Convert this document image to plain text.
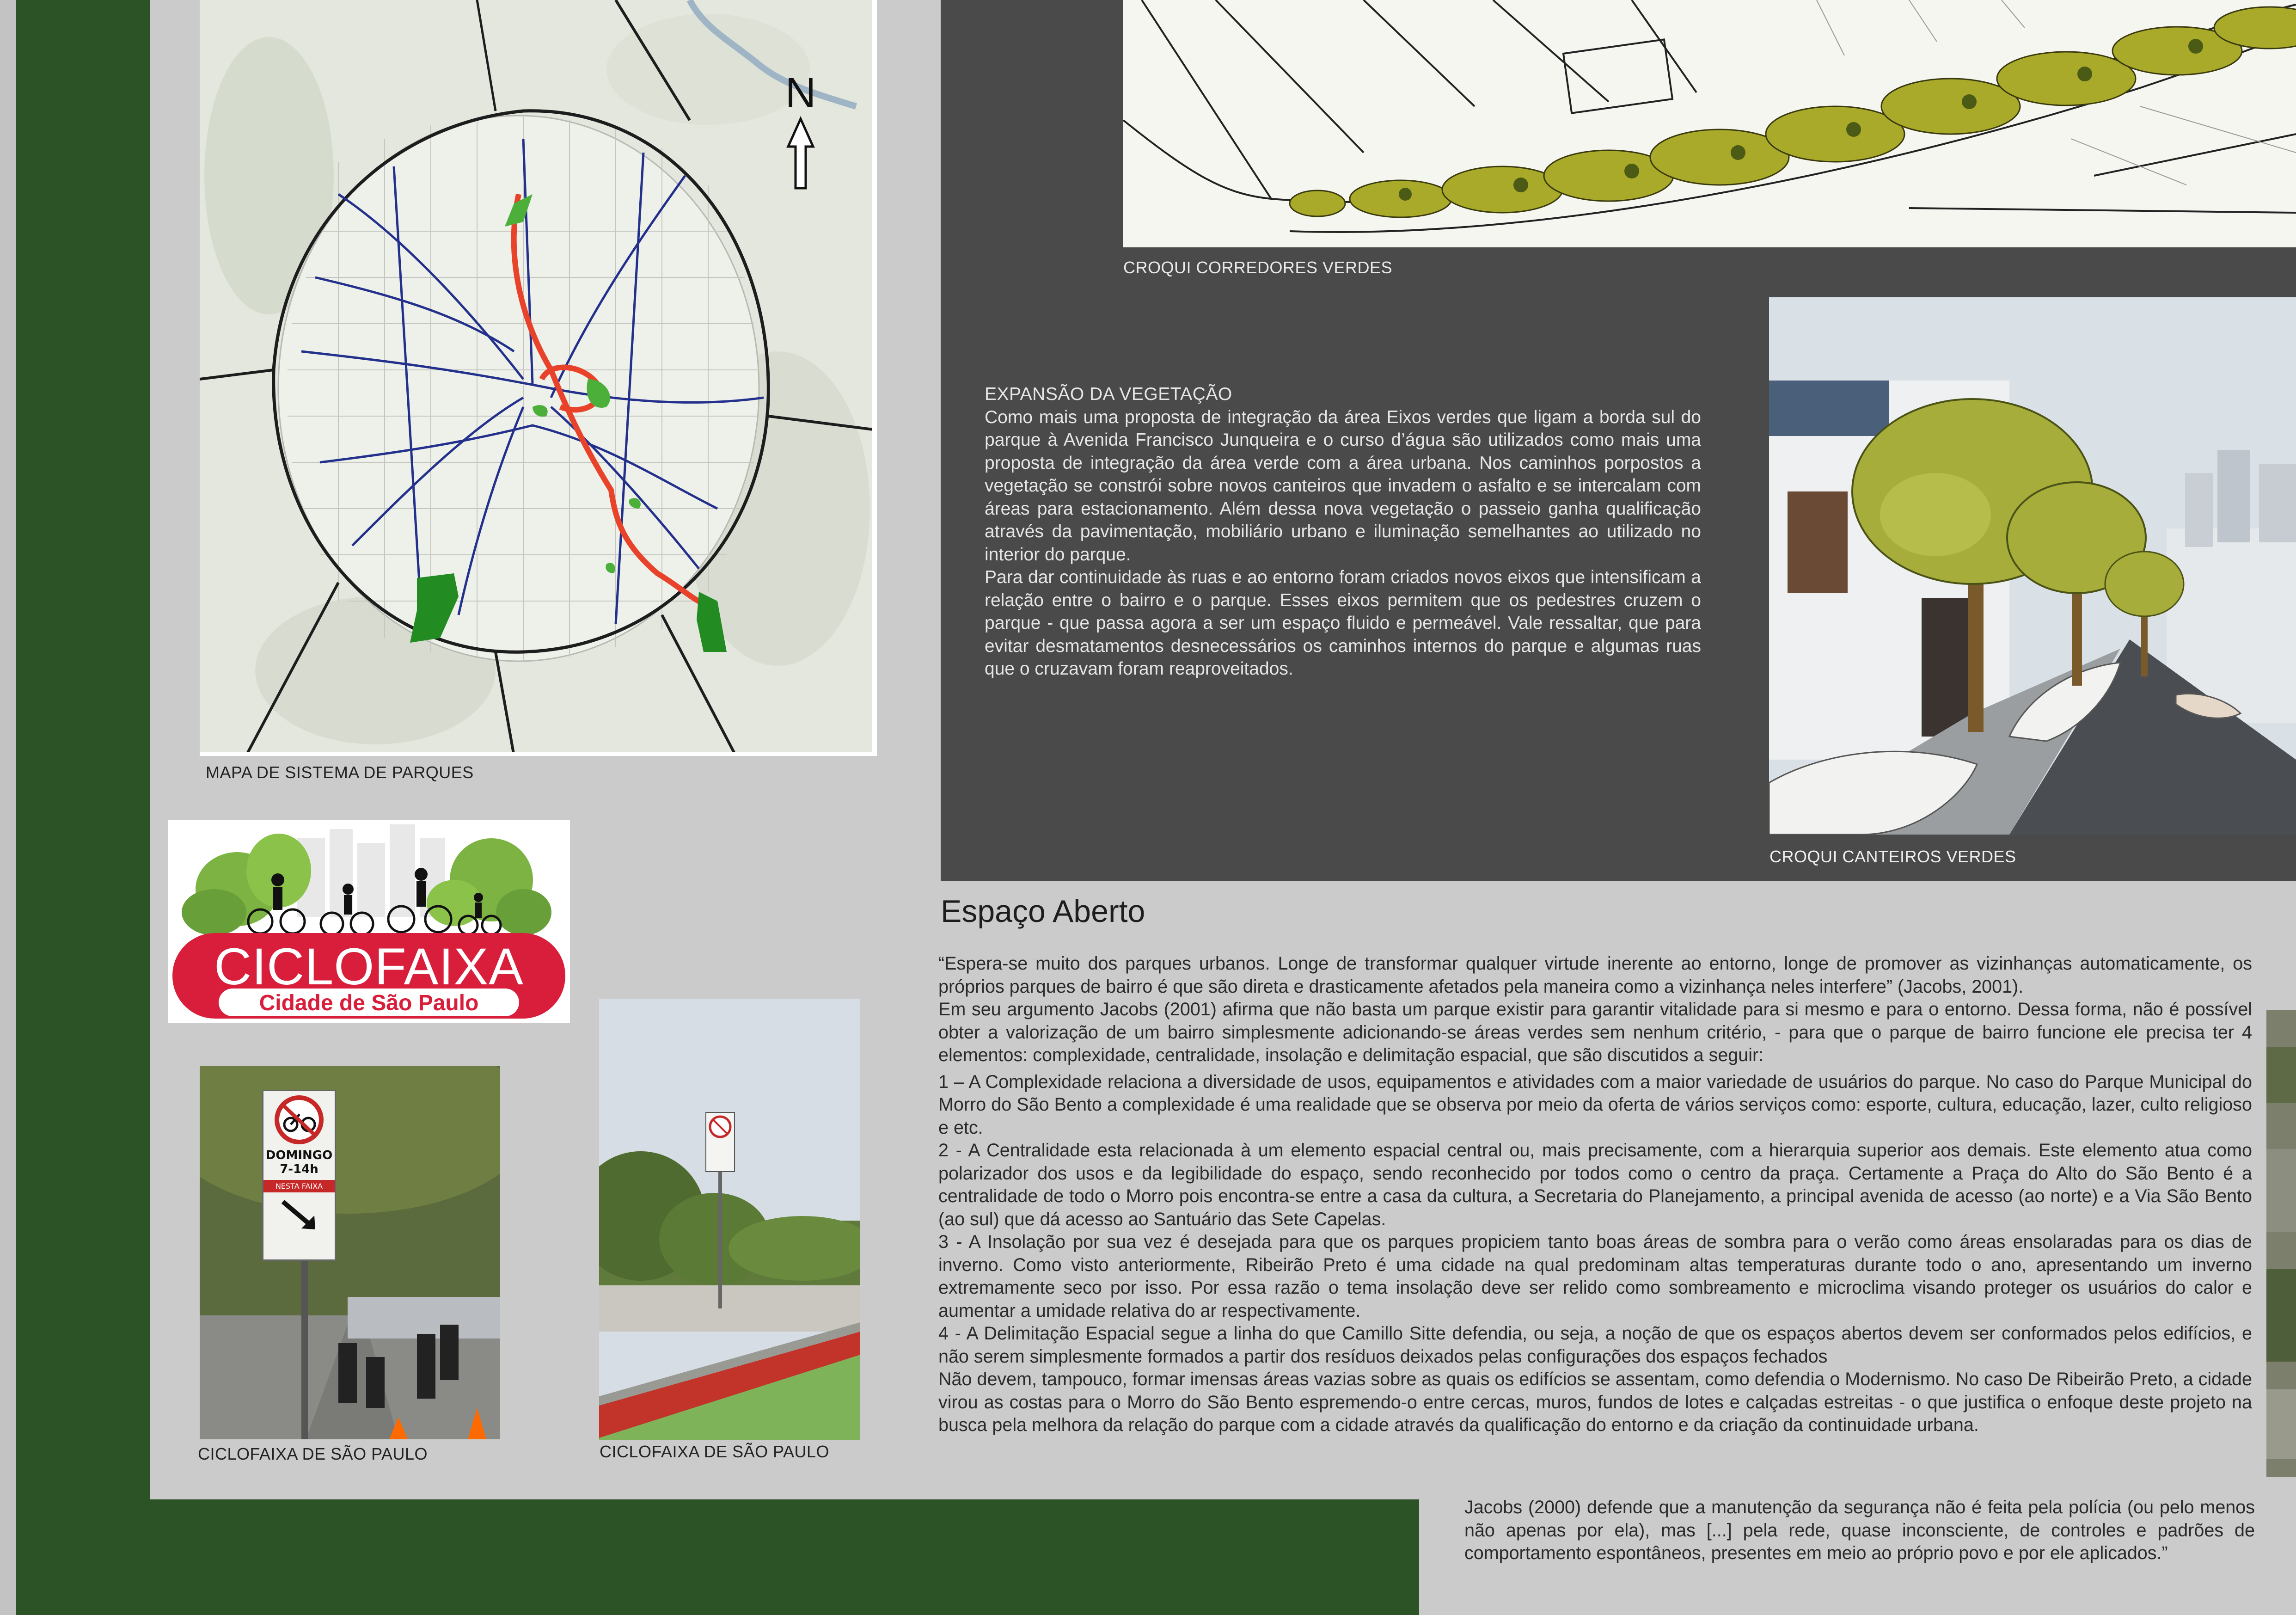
N
MAPA DE SISTEMA DE PARQUES
CROQUI CORREDORES VERDES
EXPANSÃO DA VEGETAÇÃO

Como mais uma proposta de integração da área Eixos verdes que ligam a borda sul do parque à Avenida Francisco Junqueira e o curso d’água são utilizados como mais uma proposta de integração da área verde com a área urbana. Nos caminhos porpostos a vegetação se constrói sobre novos canteiros que invadem o asfalto e se intercalam com áreas para estacionamento. Além dessa nova vegetação o passeio ganha qualificação através da pavimentação, mobiliário urbano e iluminação semelhantes ao utilizado no interior do parque.

Para dar continuidade às ruas e ao entorno foram criados novos eixos que intensificam a relação entre o bairro e o parque. Esses eixos permitem que os pedestres cruzem o parque - que passa agora a ser um espaço fluido e permeável. Vale ressaltar, que para evitar desmatamentos desnecessários os caminhos internos do parque e algumas ruas que o cruzavam foram reaproveitados.

CROQUI CANTEIROS VERDES
CICLOFAIXA
Cidade de São Paulo
DOMINGO
7-14h
NESTA FAIXA
CICLOFAIXA DE SÃO PAULO	CICLOFAIXA DE SÃO PAULO
Espaço Aberto

“Espera-se muito dos parques urbanos. Longe de transformar qualquer virtude inerente ao entorno, longe de promover as vizinhanças automaticamente, os próprios parques de bairro é que são direta e drasticamente afetados pela maneira como a vizinhança neles interfere” (Jacobs, 2001).

Em seu argumento Jacobs (2001) afirma que não basta um parque existir para garantir vitalidade para si mesmo e para o entorno. Dessa forma, não é possível obter a valorização de um bairro simplesmente adicionando-se áreas verdes sem nenhum critério, - para que o parque de bairro funcione ele precisa ter 4 elementos: complexidade, centralidade, insolação e delimitação espacial, que são discutidos a seguir:

1 – A Complexidade relaciona a diversidade de usos, equipamentos e atividades com a maior variedade de usuários do parque. No caso do Parque Municipal do Morro do São Bento a complexidade é uma realidade que se observa por meio da oferta de vários serviços como: esporte, cultura, educação, lazer, culto religioso e etc.

2 - A Centralidade esta relacionada à um elemento espacial central ou, mais precisamente, com a hierarquia superior aos demais. Este elemento atua como polarizador dos usos e da legibilidade do espaço, sendo reconhecido por todos como o centro da praça. Certamente a Praça do Alto do São Bento é a centralidade de todo o Morro pois encontra-se entre a casa da cultura, a Secretaria do Planejamento, a principal avenida de acesso (ao norte) e a Via São Bento (ao sul) que dá acesso ao Santuário das Sete Capelas.

3 - A Insolação por sua vez é desejada para que os parques propiciem tanto boas áreas de sombra para o verão como áreas ensolaradas para os dias de inverno. Como visto anteriormente, Ribeirão Preto é uma cidade na qual predominam altas temperaturas durante todo o ano, apresentando um inverno extremamente seco por isso. Por essa razão o tema insolação deve ser relido como sombreamento e microclima visando proteger os usuários do calor e aumentar a umidade relativa do ar respectivamente.

4 - A Delimitação Espacial segue a linha do que Camillo Sitte defendia, ou seja, a noção de que os espaços abertos devem ser conformados pelos edifícios, e não serem simplesmente formados a partir dos resíduos deixados pelas configurações dos espaços fechados

Não devem, tampouco, formar imensas áreas vazias sobre as quais os edifícios se assentam, como defendia o Modernismo. No caso De Ribeirão Preto, a cidade virou as costas para o Morro do São Bento espremendo-o entre cercas, muros, fundos de lotes e calçadas estreitas - o que justifica o enfoque deste projeto na busca pela melhora da relação do parque com a cidade através da qualificação do entorno e da criação da continuidade urbana.

Jacobs (2000) defende que a manutenção da segurança não é feita pela polícia (ou pelo menos não apenas por ela), mas [...] pela rede, quase inconsciente, de controles e padrões de comportamento espontâneos, presentes em meio ao próprio povo e por ele aplicados.”
